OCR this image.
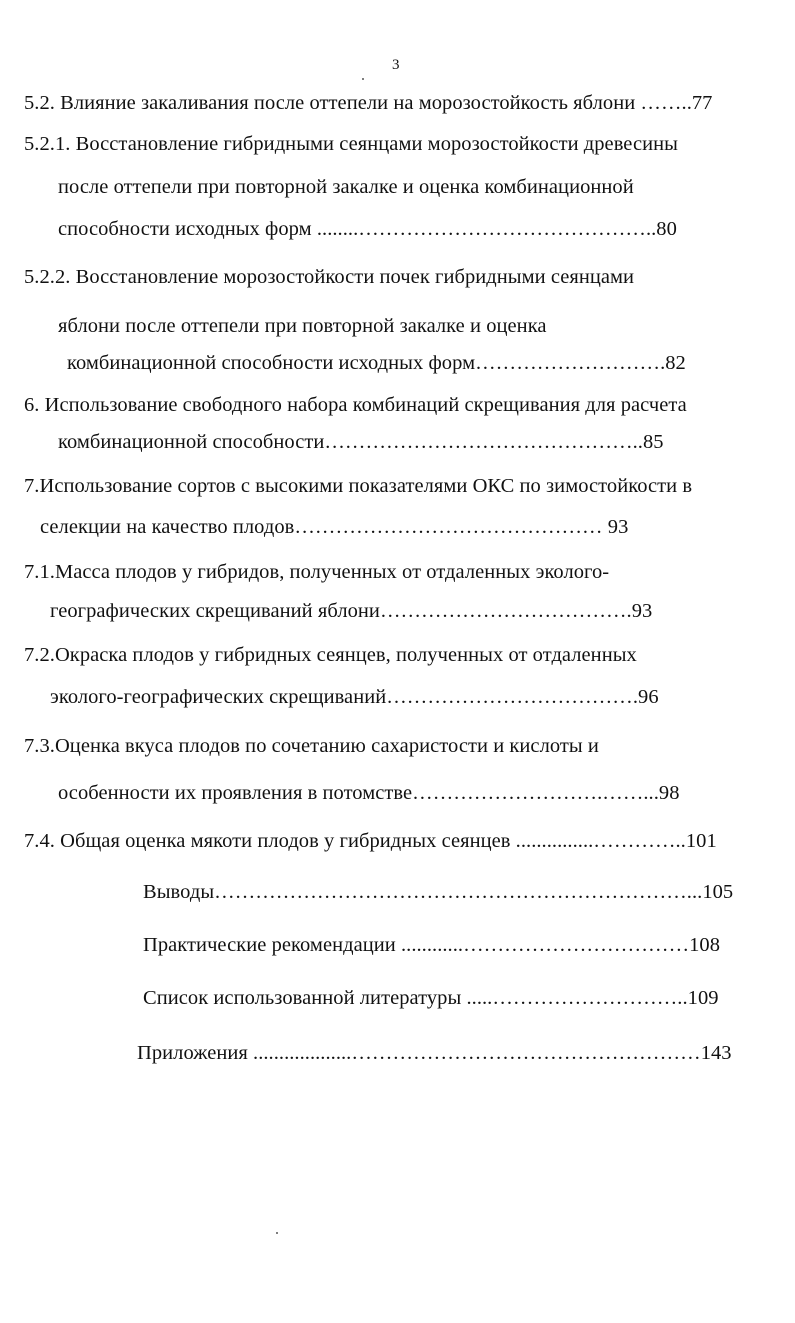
3
5.2. Влияние закаливания после оттепели на морозостойкость яблони ……..77
5.2.1. Восстановление гибридными сеянцами морозостойкости древесины
после оттепели при повторной закалке и оценка комбинационной
способности исходных форм ........……………………………………..80
5.2.2. Восстановление морозостойкости почек гибридными сеянцами
яблони после оттепели при повторной закалке и оценка
комбинационной способности исходных форм……………………….82
6. Использование свободного набора комбинаций скрещивания для расчета
комбинационной способности………………………………………..85
7.Использование сортов с высокими показателями ОКС по зимостойкости в
селекции на качество плодов……………………………………… 93
7.1.Масса плодов у гибридов, полученных от отдаленных эколого-
географических скрещиваний яблони……………………………….93
7.2.Окраска плодов у гибридных сеянцев, полученных от отдаленных
эколого-географических скрещиваний……………………………….96
7.3.Оценка вкуса плодов по сочетанию сахаристости и кислоты и
особенности их проявления в потомстве……………………….……...98
7.4. Общая оценка мякоти плодов у гибридных сеянцев ...............…………..101
Выводы……………………………………………………………...105
Практические рекомендации ............……………………………108
Список использованной литературы .....………………………..109
Приложения ...................……………………………………………143
